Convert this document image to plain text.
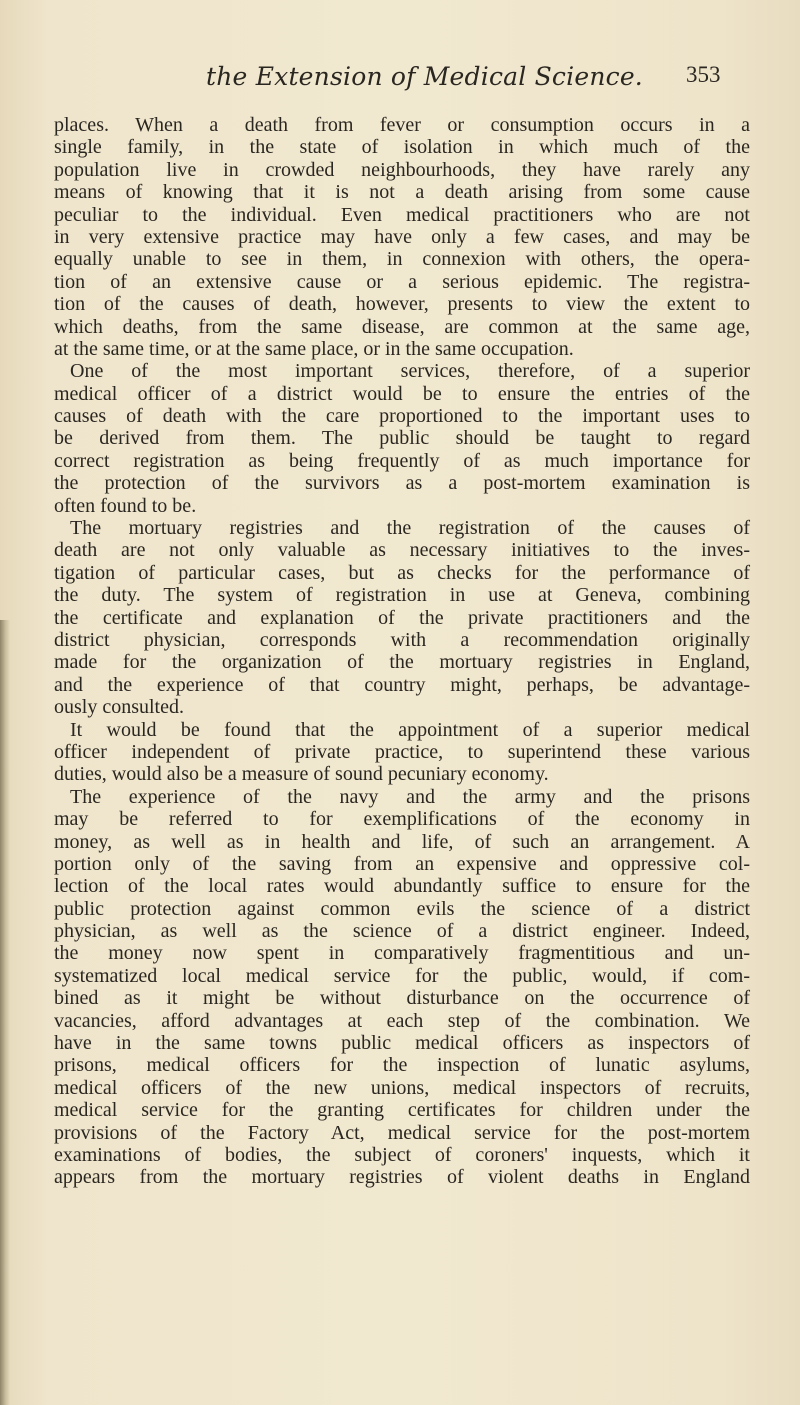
the Extension of Medical Science. 353
places. When a death from fever or consumption occurs in a
single family, in the state of isolation in which much of the
population live in crowded neighbourhoods, they have rarely any
means of knowing that it is not a death arising from some cause
peculiar to the individual. Even medical practitioners who are not
in very extensive practice may have only a few cases, and may be
equally unable to see in them, in connexion with others, the opera-
tion of an extensive cause or a serious epidemic. The registra-
tion of the causes of death, however, presents to view the extent to
which deaths, from the same disease, are common at the same age,
at the same time, or at the same place, or in the same occupation.
One of the most important services, therefore, of a superior
medical officer of a district would be to ensure the entries of the
causes of death with the care proportioned to the important uses to
be derived from them. The public should be taught to regard
correct registration as being frequently of as much importance for
the protection of the survivors as a post-mortem examination is
often found to be.
The mortuary registries and the registration of the causes of
death are not only valuable as necessary initiatives to the inves-
tigation of particular cases, but as checks for the performance of
the duty. The system of registration in use at Geneva, combining
the certificate and explanation of the private practitioners and the
district physician, corresponds with a recommendation originally
made for the organization of the mortuary registries in England,
and the experience of that country might, perhaps, be advantage-
ously consulted.
It would be found that the appointment of a superior medical
officer independent of private practice, to superintend these various
duties, would also be a measure of sound pecuniary economy.
The experience of the navy and the army and the prisons
may be referred to for exemplifications of the economy in
money, as well as in health and life, of such an arrangement. A
portion only of the saving from an expensive and oppressive col-
lection of the local rates would abundantly suffice to ensure for the
public protection against common evils the science of a district
physician, as well as the science of a district engineer. Indeed,
the money now spent in comparatively fragmentitious and un-
systematized local medical service for the public, would, if com-
bined as it might be without disturbance on the occurrence of
vacancies, afford advantages at each step of the combination. We
have in the same towns public medical officers as inspectors of
prisons, medical officers for the inspection of lunatic asylums,
medical officers of the new unions, medical inspectors of recruits,
medical service for the granting certificates for children under the
provisions of the Factory Act, medical service for the post-mortem
examinations of bodies, the subject of coroners' inquests, which it
appears from the mortuary registries of violent deaths in England
